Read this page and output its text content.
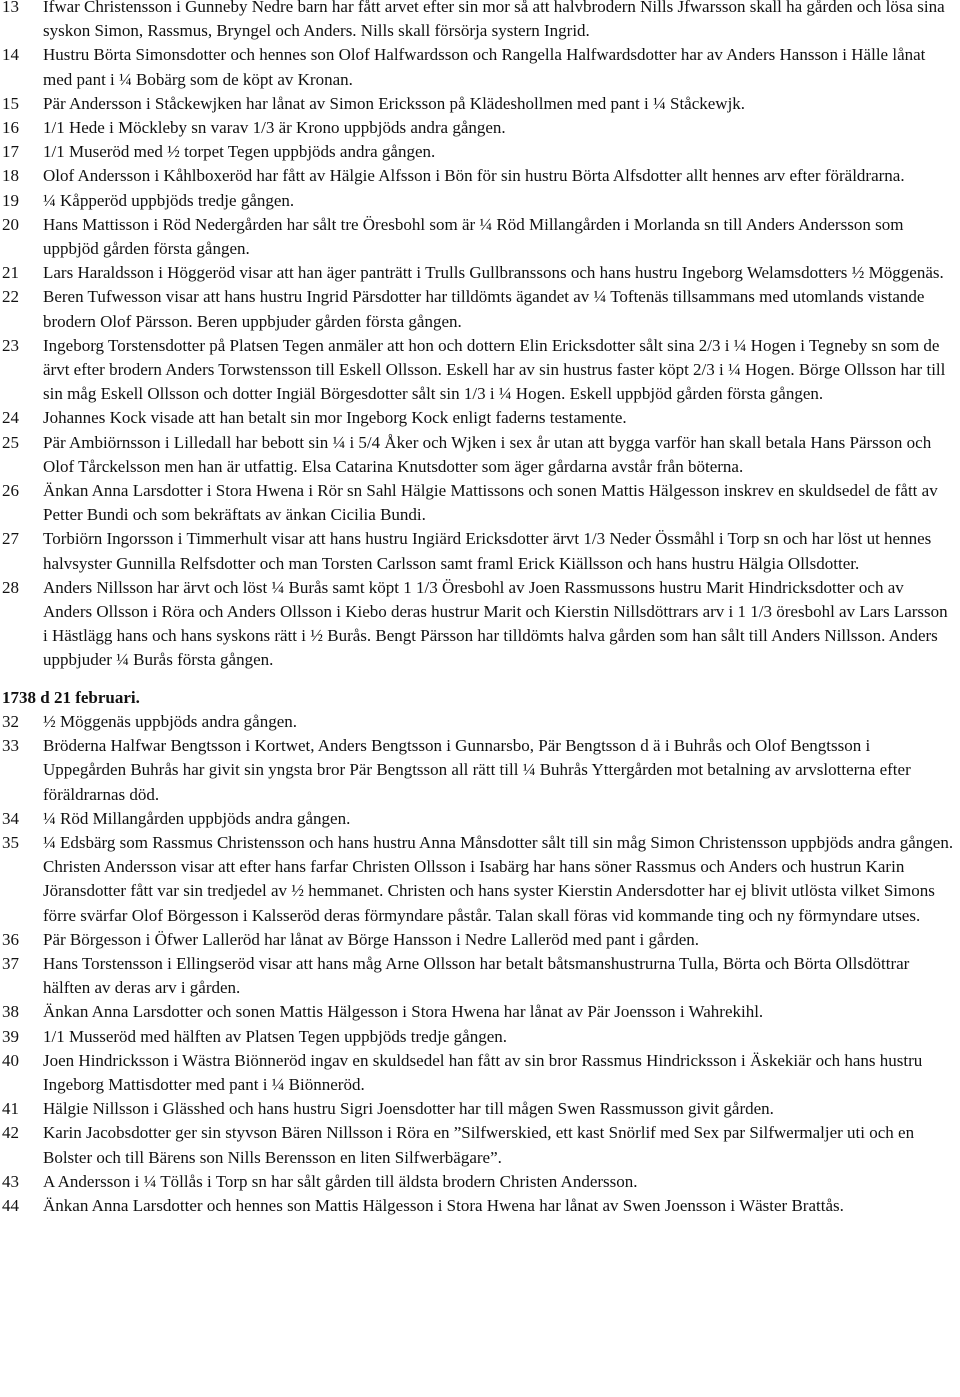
13	Ifwar Christensson i Gunneby Nedre barn har fått arvet efter sin mor så att halvbrodern Nills Jfwarsson skall ha gården och lösa sina syskon Simon, Rassmus, Bryngel och Anders. Nills skall försörja systern Ingrid.
14	Hustru Börta Simonsdotter och hennes son Olof Halfwardsson och Rangella Halfwardsdotter har av Anders Hansson i Hälle lånat med pant i ¼ Bobärg som de köpt av Kronan.
15	Pär Andersson i Ståckewjken har lånat av Simon Ericksson på Klädeshollmen med pant i ¼ Ståckewjk.
16	1/1 Hede i Möckleby sn varav 1/3 är Krono uppbjöds andra gången.
17	1/1 Museröd med ½ torpet Tegen uppbjöds andra gången.
18	Olof Andersson i Kåhlboxeröd har fått av Hälgie Alfsson i Bön för sin hustru Börta Alfsdotter allt hennes arv efter föräldrarna.
19	¼ Kåpperöd uppbjöds tredje gången.
20	Hans Mattisson i Röd Nedergården har sålt tre Öresbohl som är ¼ Röd Millangården i Morlanda sn till Anders Andersson som uppbjöd gården första gången.
21	Lars Haraldsson i Höggeröd visar att han äger panträtt i Trulls Gullbranssons och hans hustru Ingeborg Welamsdotters ½ Möggenäs.
22	Beren Tufwesson visar att hans hustru Ingrid Pärsdotter har tilldömts ägandet av ¼ Toftenäs tillsammans med utomlands vistande brodern Olof Pärsson. Beren uppbjuder gården första gången.
23	Ingeborg Torstensdotter på Platsen Tegen anmäler att hon och dottern Elin Ericksdotter sålt sina 2/3 i ¼ Hogen i Tegneby sn som de ärvt efter brodern Anders Torwstensson till Eskell Ollsson. Eskell har av sin hustrus faster köpt 2/3 i ¼ Hogen. Börge Ollsson har till sin måg Eskell Ollsson och dotter Ingiäl Börgesdotter sålt sin 1/3 i ¼ Hogen. Eskell uppbjöd gården första gången.
24	Johannes Kock visade att han betalt sin mor Ingeborg Kock enligt faderns testamente.
25	Pär Ambiörnsson i Lilledall har bebott sin ¼ i 5/4 Åker och Wjken i sex år utan att bygga varför han skall betala Hans Pärsson och Olof Tårckelsson men han är utfattig. Elsa Catarina Knutsdotter som äger gårdarna avstår från böterna.
26	Änkan Anna Larsdotter i Stora Hwena i Rör sn Sahl Hälgie Mattissons och sonen Mattis Hälgesson inskrev en skuldsedel de fått av Petter Bundi och som bekräftats av änkan Cicilia Bundi.
27	Torbiörn Ingorsson i Timmerhult visar att hans hustru Ingiärd Ericksdotter ärvt 1/3 Neder Össmåhl i Torp sn och har löst ut hennes halvsyster Gunnilla Relfsdotter och man Torsten Carlsson samt framl Erick Kiällsson och hans hustru Hälgia Ollsdotter.
28	Anders Nillsson har ärvt och löst ¼ Burås samt köpt 1 1/3 Öresbohl av Joen Rassmussons hustru Marit Hindricksdotter och av Anders Ollsson i Röra och Anders Ollsson i Kiebo deras hustrur Marit och Kierstin Nillsdöttrars arv i 1 1/3 öresbohl av Lars Larsson i Hästlägg hans och hans syskons rätt i ½ Burås. Bengt Pärsson har tilldömts halva gården som han sålt till Anders Nillsson. Anders uppbjuder ¼ Burås första gången.
1738 d 21 februari.
32	½ Möggenäs uppbjöds andra gången.
33	Bröderna Halfwar Bengtsson i Kortwet, Anders Bengtsson i Gunnarsbo, Pär Bengtsson d ä i Buhrås och Olof Bengtsson i Uppegården Buhrås har givit sin yngsta bror Pär Bengtsson all rätt till ¼ Buhrås Yttergården mot betalning av arvslotterna efter föräldrarnas död.
34	¼ Röd Millangården uppbjöds andra gången.
35	¼ Edsbärg som Rassmus Christensson och hans hustru Anna Månsdotter sålt till sin måg Simon Christensson uppbjöds andra gången. Christen Andersson visar att efter hans farfar Christen Ollsson i Isabärg har hans söner Rassmus och Anders och hustrun Karin Jöransdotter fått var sin tredjedel av ½ hemmanet. Christen och hans syster Kierstin Andersdotter har ej blivit utlösta vilket Simons förre svärfar Olof Börgesson i Kalsseröd deras förmyndare påstår. Talan skall föras vid kommande ting och ny förmyndare utses.
36	Pär Börgesson i Öfwer Lalleröd har lånat av Börge Hansson i Nedre Lalleröd med pant i gården.
37	Hans Torstensson i Ellingseröd visar att hans måg Arne Ollsson har betalt båtsmanshustrurna Tulla, Börta och Börta Ollsdöttrar hälften av deras arv i gården.
38	Änkan Anna Larsdotter och sonen Mattis Hälgesson i Stora Hwena har lånat av Pär Joensson i Wahrekihl.
39	1/1 Musseröd med hälften av Platsen Tegen uppbjöds tredje gången.
40	Joen Hindricksson i Wästra Biönneröd ingav en skuldsedel han fått av sin bror Rassmus Hindricksson i Äskekiär och hans hustru Ingeborg Mattisdotter med pant i ¼ Biönneröd.
41	Hälgie Nillsson i Glässhed och hans hustru Sigri Joensdotter har till mågen Swen Rassmusson givit gården.
42	Karin Jacobsdotter ger sin styvson Bären Nillsson i Röra en ”Silfwerskied, ett kast Snörlif med Sex par Silfwermaljer uti och en Bolster och till Bärens son Nills Berensson en liten Silfwerbägare”.
43	A Andersson i ¼ Töllås i Torp sn har sålt gården till äldsta brodern Christen Andersson.
44	Änkan Anna Larsdotter och hennes son Mattis Hälgesson i Stora Hwena har lånat av Swen Joensson i Wäster Brattås.
